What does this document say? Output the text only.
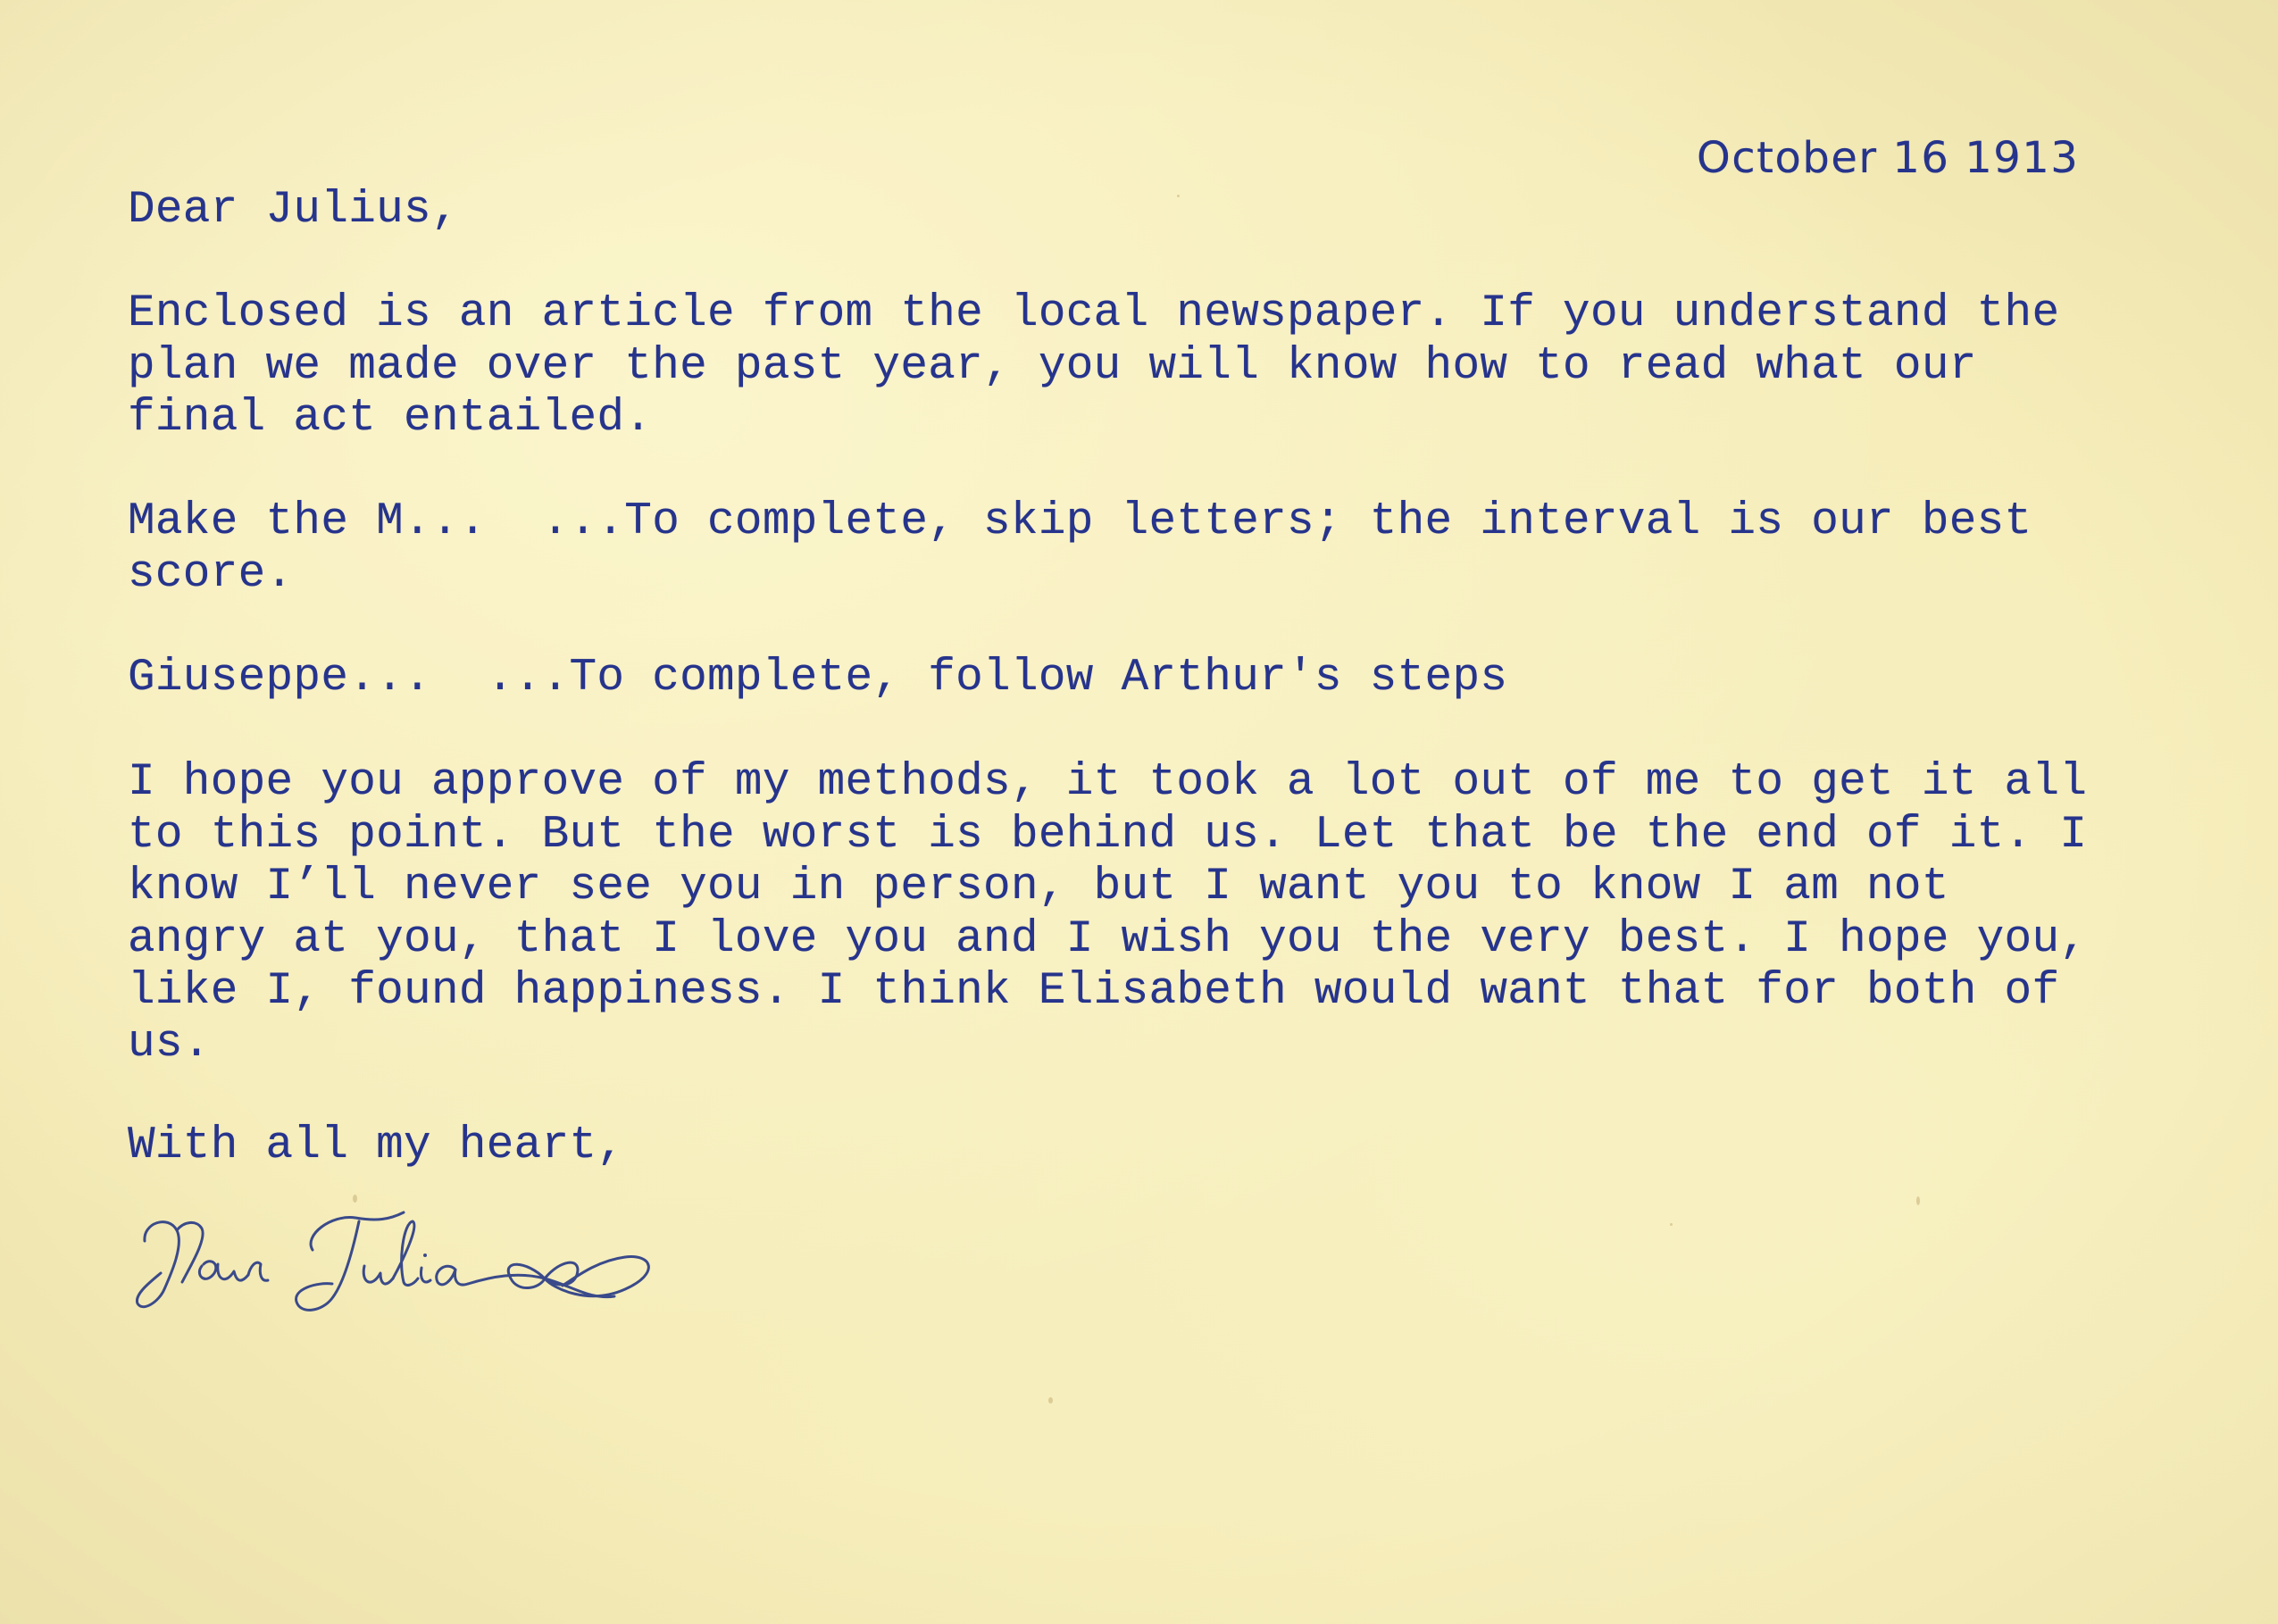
October 16 1913

Dear Julius,

Enclosed is an article from the local newspaper. If you understand the
plan we made over the past year, you will know how to read what our
final act entailed.

Make the M...  ...To complete, skip letters; the interval is our best
score.

Giuseppe...  ...To complete, follow Arthur's steps

I hope you approve of my methods, it took a lot out of me to get it all
to this point. But the worst is behind us. Let that be the end of it. I
know I’ll never see you in person, but I want you to know I am not
angry at you, that I love you and I wish you the very best. I hope you,
like I, found happiness. I think Elisabeth would want that for both of
us.

With all my heart,
